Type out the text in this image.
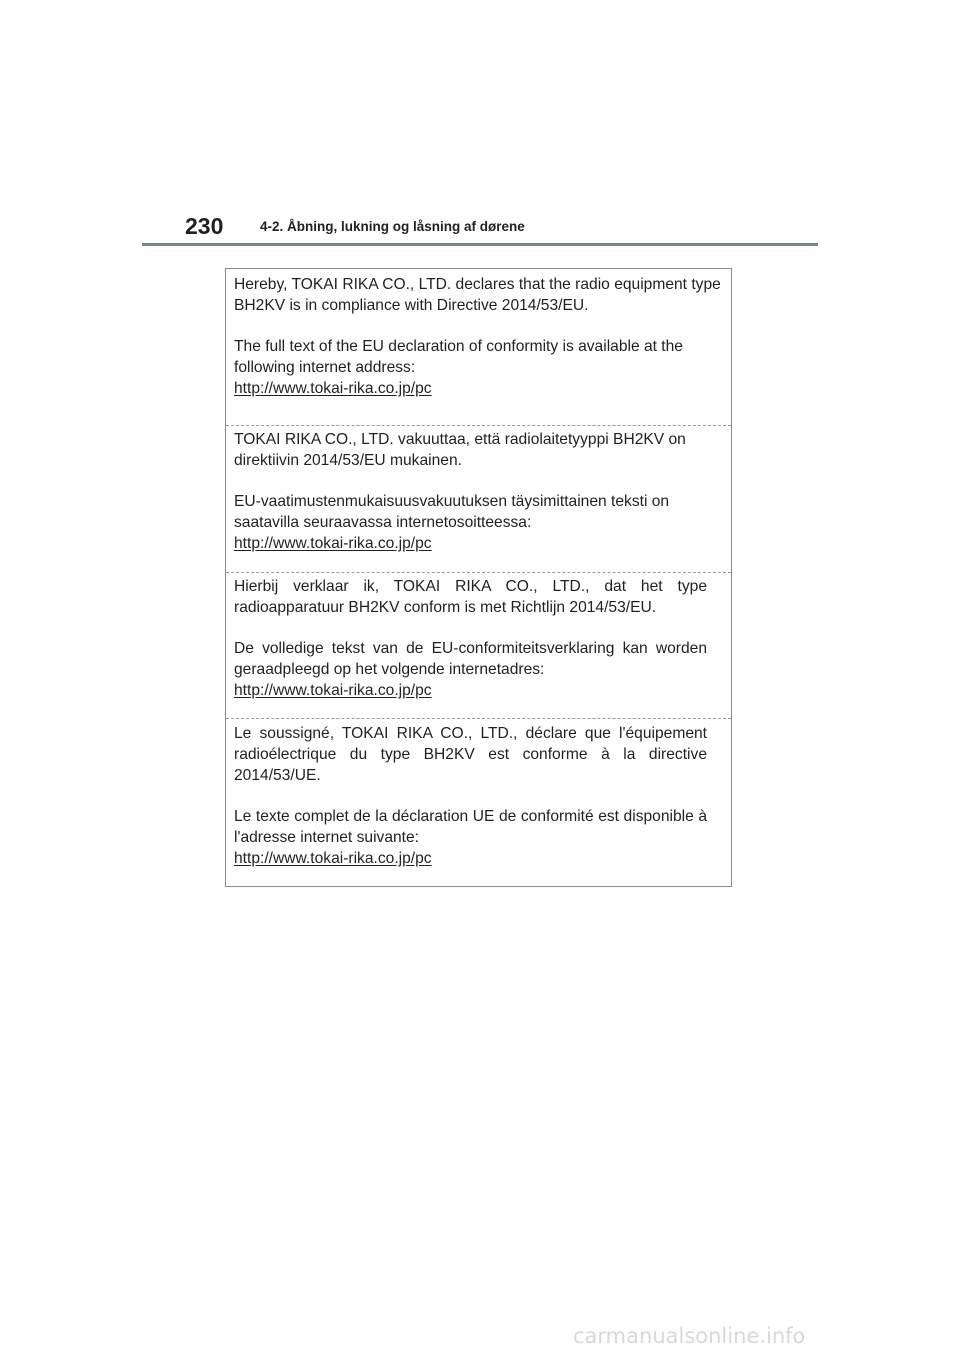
230	4-2. Åbning, lukning og låsning af dørene

Hereby, TOKAI RIKA CO., LTD. declares that the radio equipment type BH2KV is in compliance with Directive 2014/53/EU.

The full text of the EU declaration of conformity is available at the following internet address:

http://www.tokai-rika.co.jp/pc

TOKAI RIKA CO., LTD. vakuuttaa, että radiolaitetyyppi BH2KV on direktiivin 2014/53/EU mukainen.

EU-vaatimustenmukaisuusvakuutuksen täysimittainen teksti on saatavilla seuraavassa internetosoitteessa:

http://www.tokai-rika.co.jp/pc

Hierbij verklaar ik, TOKAI RIKA CO., LTD., dat het type radioapparatuur BH2KV conform is met Richtlijn 2014/53/EU.

De volledige tekst van de EU-conformiteitsverklaring kan worden geraadpleegd op het volgende internetadres:

http://www.tokai-rika.co.jp/pc

Le soussigné, TOKAI RIKA CO., LTD., déclare que l'équipement radioélectrique du type BH2KV est conforme à la directive 2014/53/UE.

Le texte complet de la déclaration UE de conformité est disponible à l'adresse internet suivante:

http://www.tokai-rika.co.jp/pc
carmanualsonline.info
